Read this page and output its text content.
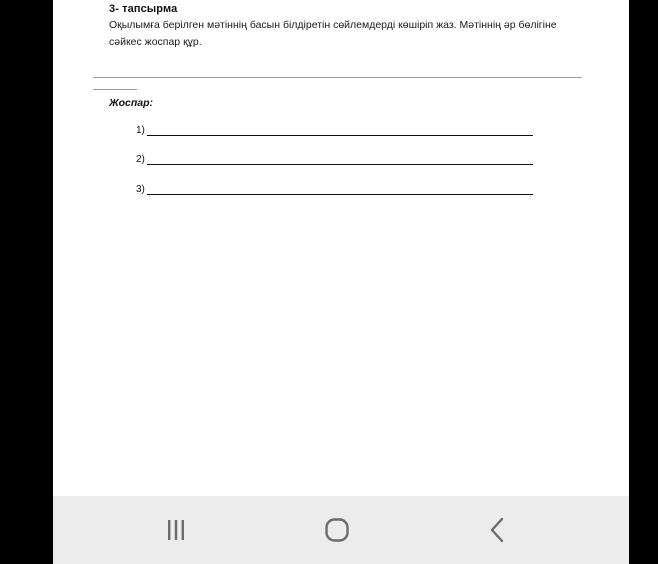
3- тапсырма
Оқылымға берілген мәтіннің басын білдіретін сөйлемдерді көшіріп жаз. Мәтіннің әр бөлігіне сәйкес жоспар құр.
Жоспар:
1)
2)
3)
